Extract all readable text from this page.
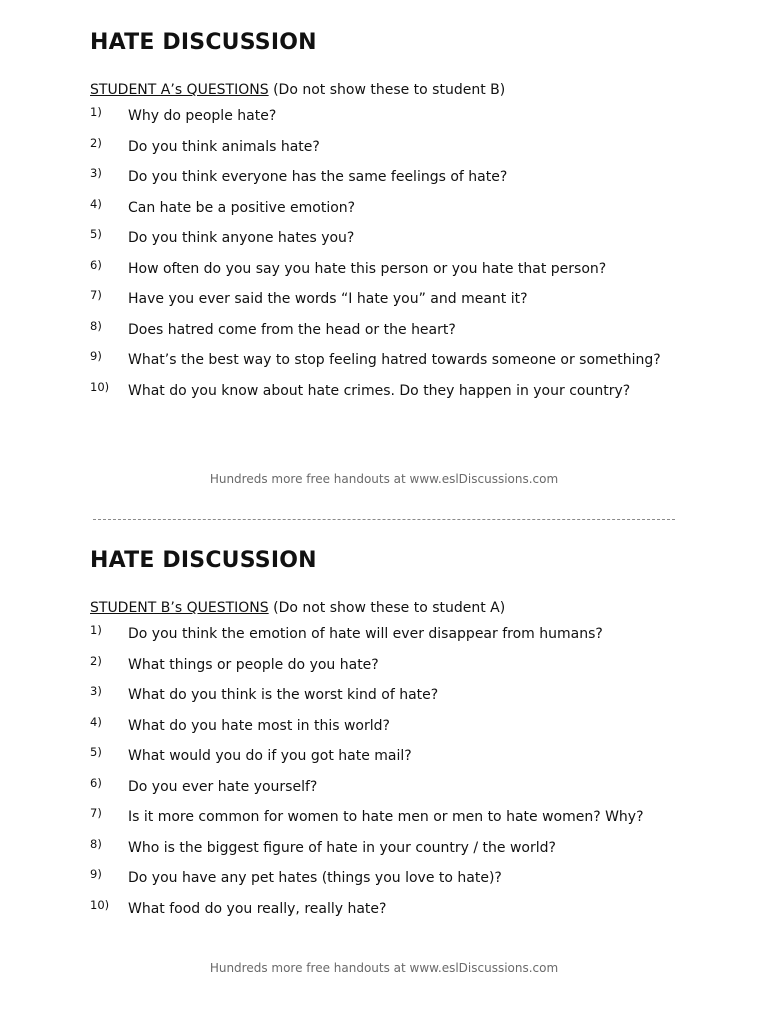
HATE DISCUSSION
STUDENT A’s QUESTIONS (Do not show these to student B)
1)	Why do people hate?
2)	Do you think animals hate?
3)	Do you think everyone has the same feelings of hate?
4)	Can hate be a positive emotion?
5)	Do you think anyone hates you?
6)	How often do you say you hate this person or you hate that person?
7)	Have you ever said the words “I hate you” and meant it?
8)	Does hatred come from the head or the heart?
9)	What’s the best way to stop feeling hatred towards someone or something?
10)	What do you know about hate crimes. Do they happen in your country?
Hundreds more free handouts at www.eslDiscussions.com
HATE DISCUSSION
STUDENT B’s QUESTIONS (Do not show these to student A)
1)	Do you think the emotion of hate will ever disappear from humans?
2)	What things or people do you hate?
3)	What do you think is the worst kind of hate?
4)	What do you hate most in this world?
5)	What would you do if you got hate mail?
6)	Do you ever hate yourself?
7)	Is it more common for women to hate men or men to hate women? Why?
8)	Who is the biggest figure of hate in your country / the world?
9)	Do you have any pet hates (things you love to hate)?
10)	What food do you really, really hate?
Hundreds more free handouts at www.eslDiscussions.com
